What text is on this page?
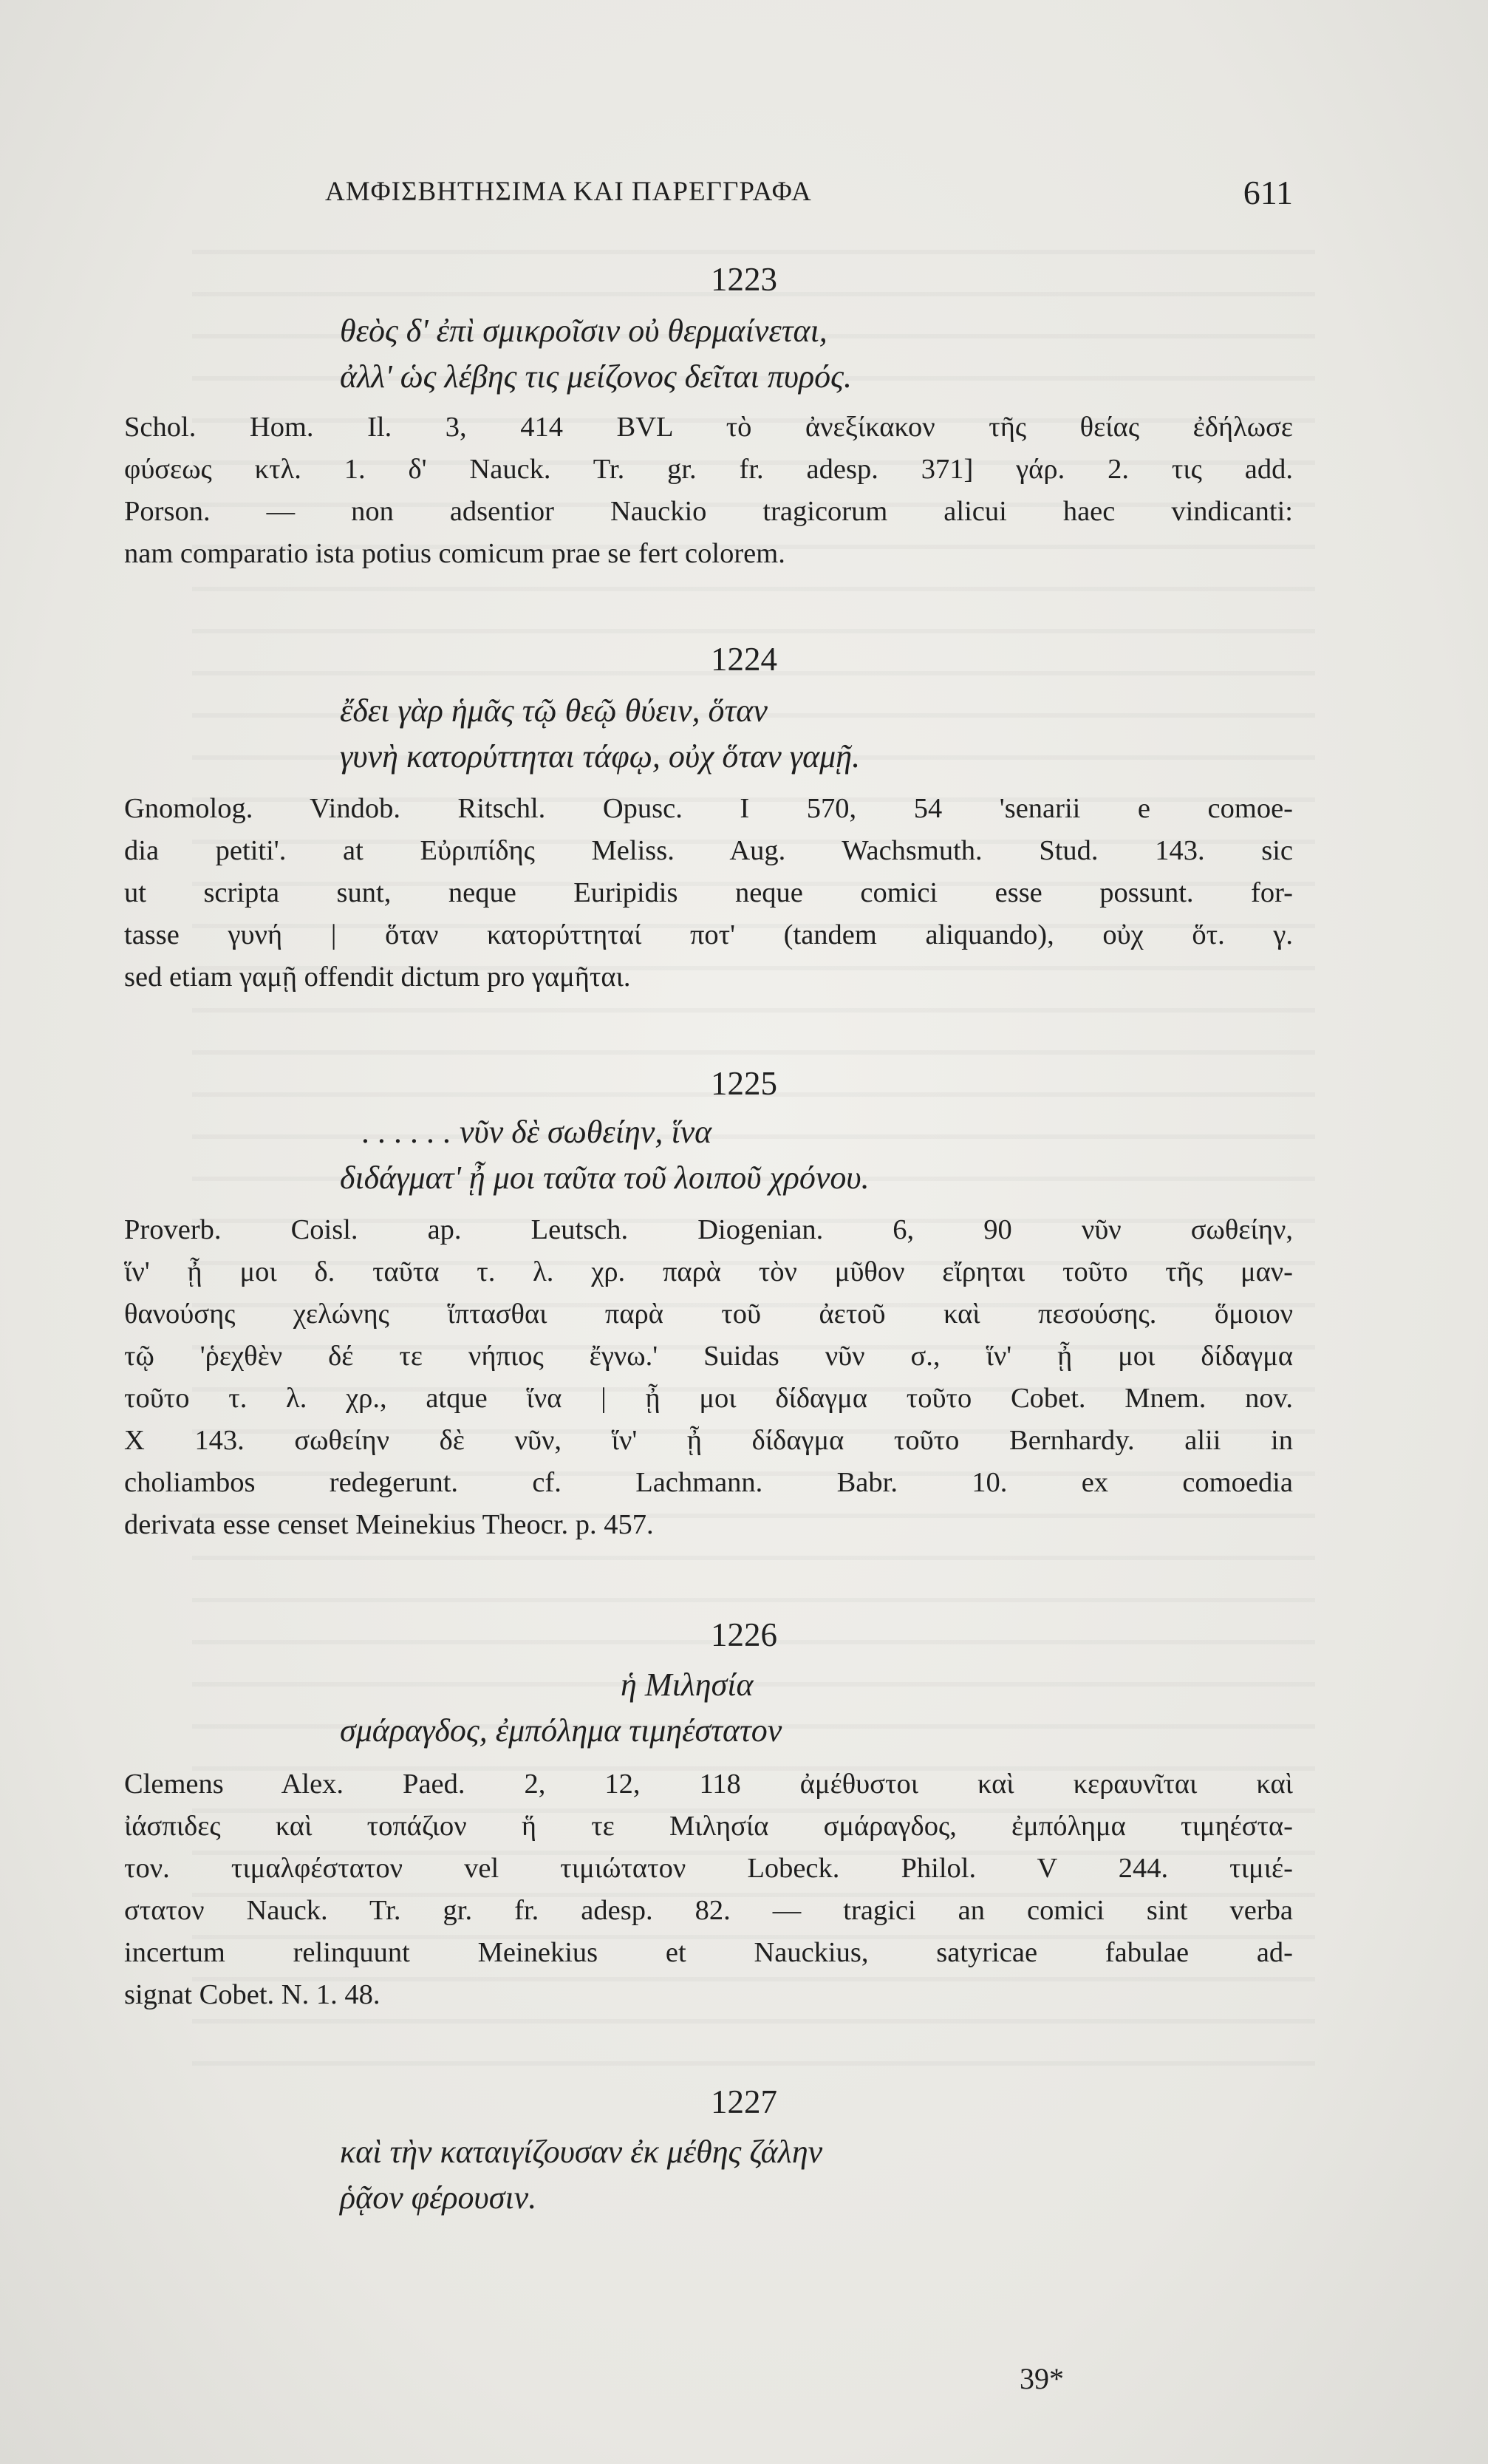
ΑΜΦΙΣΒΗΤΗΣΙΜΑ ΚΑΙ ΠΑΡΕΓΓΡΑΦΑ	611
1223
θεὸς δ' ἐπὶ σμικροῖσιν οὐ θερμαίνεται,
ἀλλ' ὡς λέβης τις μείζονος δεῖται πυρός.
Schol. Hom. Il. 3, 414 BVL τὸ ἀνεξίκακον τῆς θείας ἐδήλωσε
φύσεως κτλ. 1. δ' Nauck. Tr. gr. fr. adesp. 371] γάρ. 2. τις add.
Porson. — non adsentior Nauckio tragicorum alicui haec vindicanti:
nam comparatio ista potius comicum prae se fert colorem.
1224
ἔδει γὰρ ἡμᾶς τῷ θεῷ θύειν, ὅταν
γυνὴ κατορύττηται τάφῳ, οὐχ ὅταν γαμῇ.
Gnomolog. Vindob. Ritschl. Opusc. I 570, 54 'senarii e comoe-
dia petiti'. at Εὐριπίδης Meliss. Aug. Wachsmuth. Stud. 143. sic
ut scripta sunt, neque Euripidis neque comici esse possunt. for-
tasse γυνή | ὅταν κατορύττηταί ποτ' (tandem aliquando), οὐχ ὅτ. γ.
sed etiam γαμῇ offendit dictum pro γαμῆται.
1225
. . . . . . νῦν δὲ σωθείην, ἵνα
διδάγματ' ᾖ μοι ταῦτα τοῦ λοιποῦ χρόνου.
Proverb. Coisl. ap. Leutsch. Diogenian. 6, 90 νῦν σωθείην,
ἵν' ᾖ μοι δ. ταῦτα τ. λ. χρ. παρὰ τὸν μῦθον εἴρηται τοῦτο τῆς μαν-
θανούσης χελώνης ἵπτασθαι παρὰ τοῦ ἀετοῦ καὶ πεσούσης. ὅμοιον
τῷ 'ῥεχθὲν δέ τε νήπιος ἔγνω.' Suidas νῦν σ., ἵν' ᾖ μοι δίδαγμα
τοῦτο τ. λ. χρ., atque ἵνα | ᾖ μοι δίδαγμα τοῦτο Cobet. Mnem. nov.
X 143. σωθείην δὲ νῦν, ἵν' ᾖ δίδαγμα τοῦτο Bernhardy. alii in
choliambos redegerunt. cf. Lachmann. Babr. 10. ex comoedia
derivata esse censet Meinekius Theocr. p. 457.
1226
ἡ Μιλησία
σμάραγδος, ἐμπόλημα τιμηέστατον
Clemens Alex. Paed. 2, 12, 118 ἀμέθυστοι καὶ κεραυνῖται καὶ
ἰάσπιδες καὶ τοπάζιον ἥ τε Μιλησία σμάραγδος, ἐμπόλημα τιμηέστα-
τον. τιμαλφέστατον vel τιμιώτατον Lobeck. Philol. V 244. τιμιέ-
στατον Nauck. Tr. gr. fr. adesp. 82. — tragici an comici sint verba
incertum relinquunt Meinekius et Nauckius, satyricae fabulae ad-
signat Cobet. N. 1. 48.
1227
καὶ τὴν καταιγίζουσαν ἐκ μέθης ζάλην
ῥᾷον φέρουσιν.
39*
